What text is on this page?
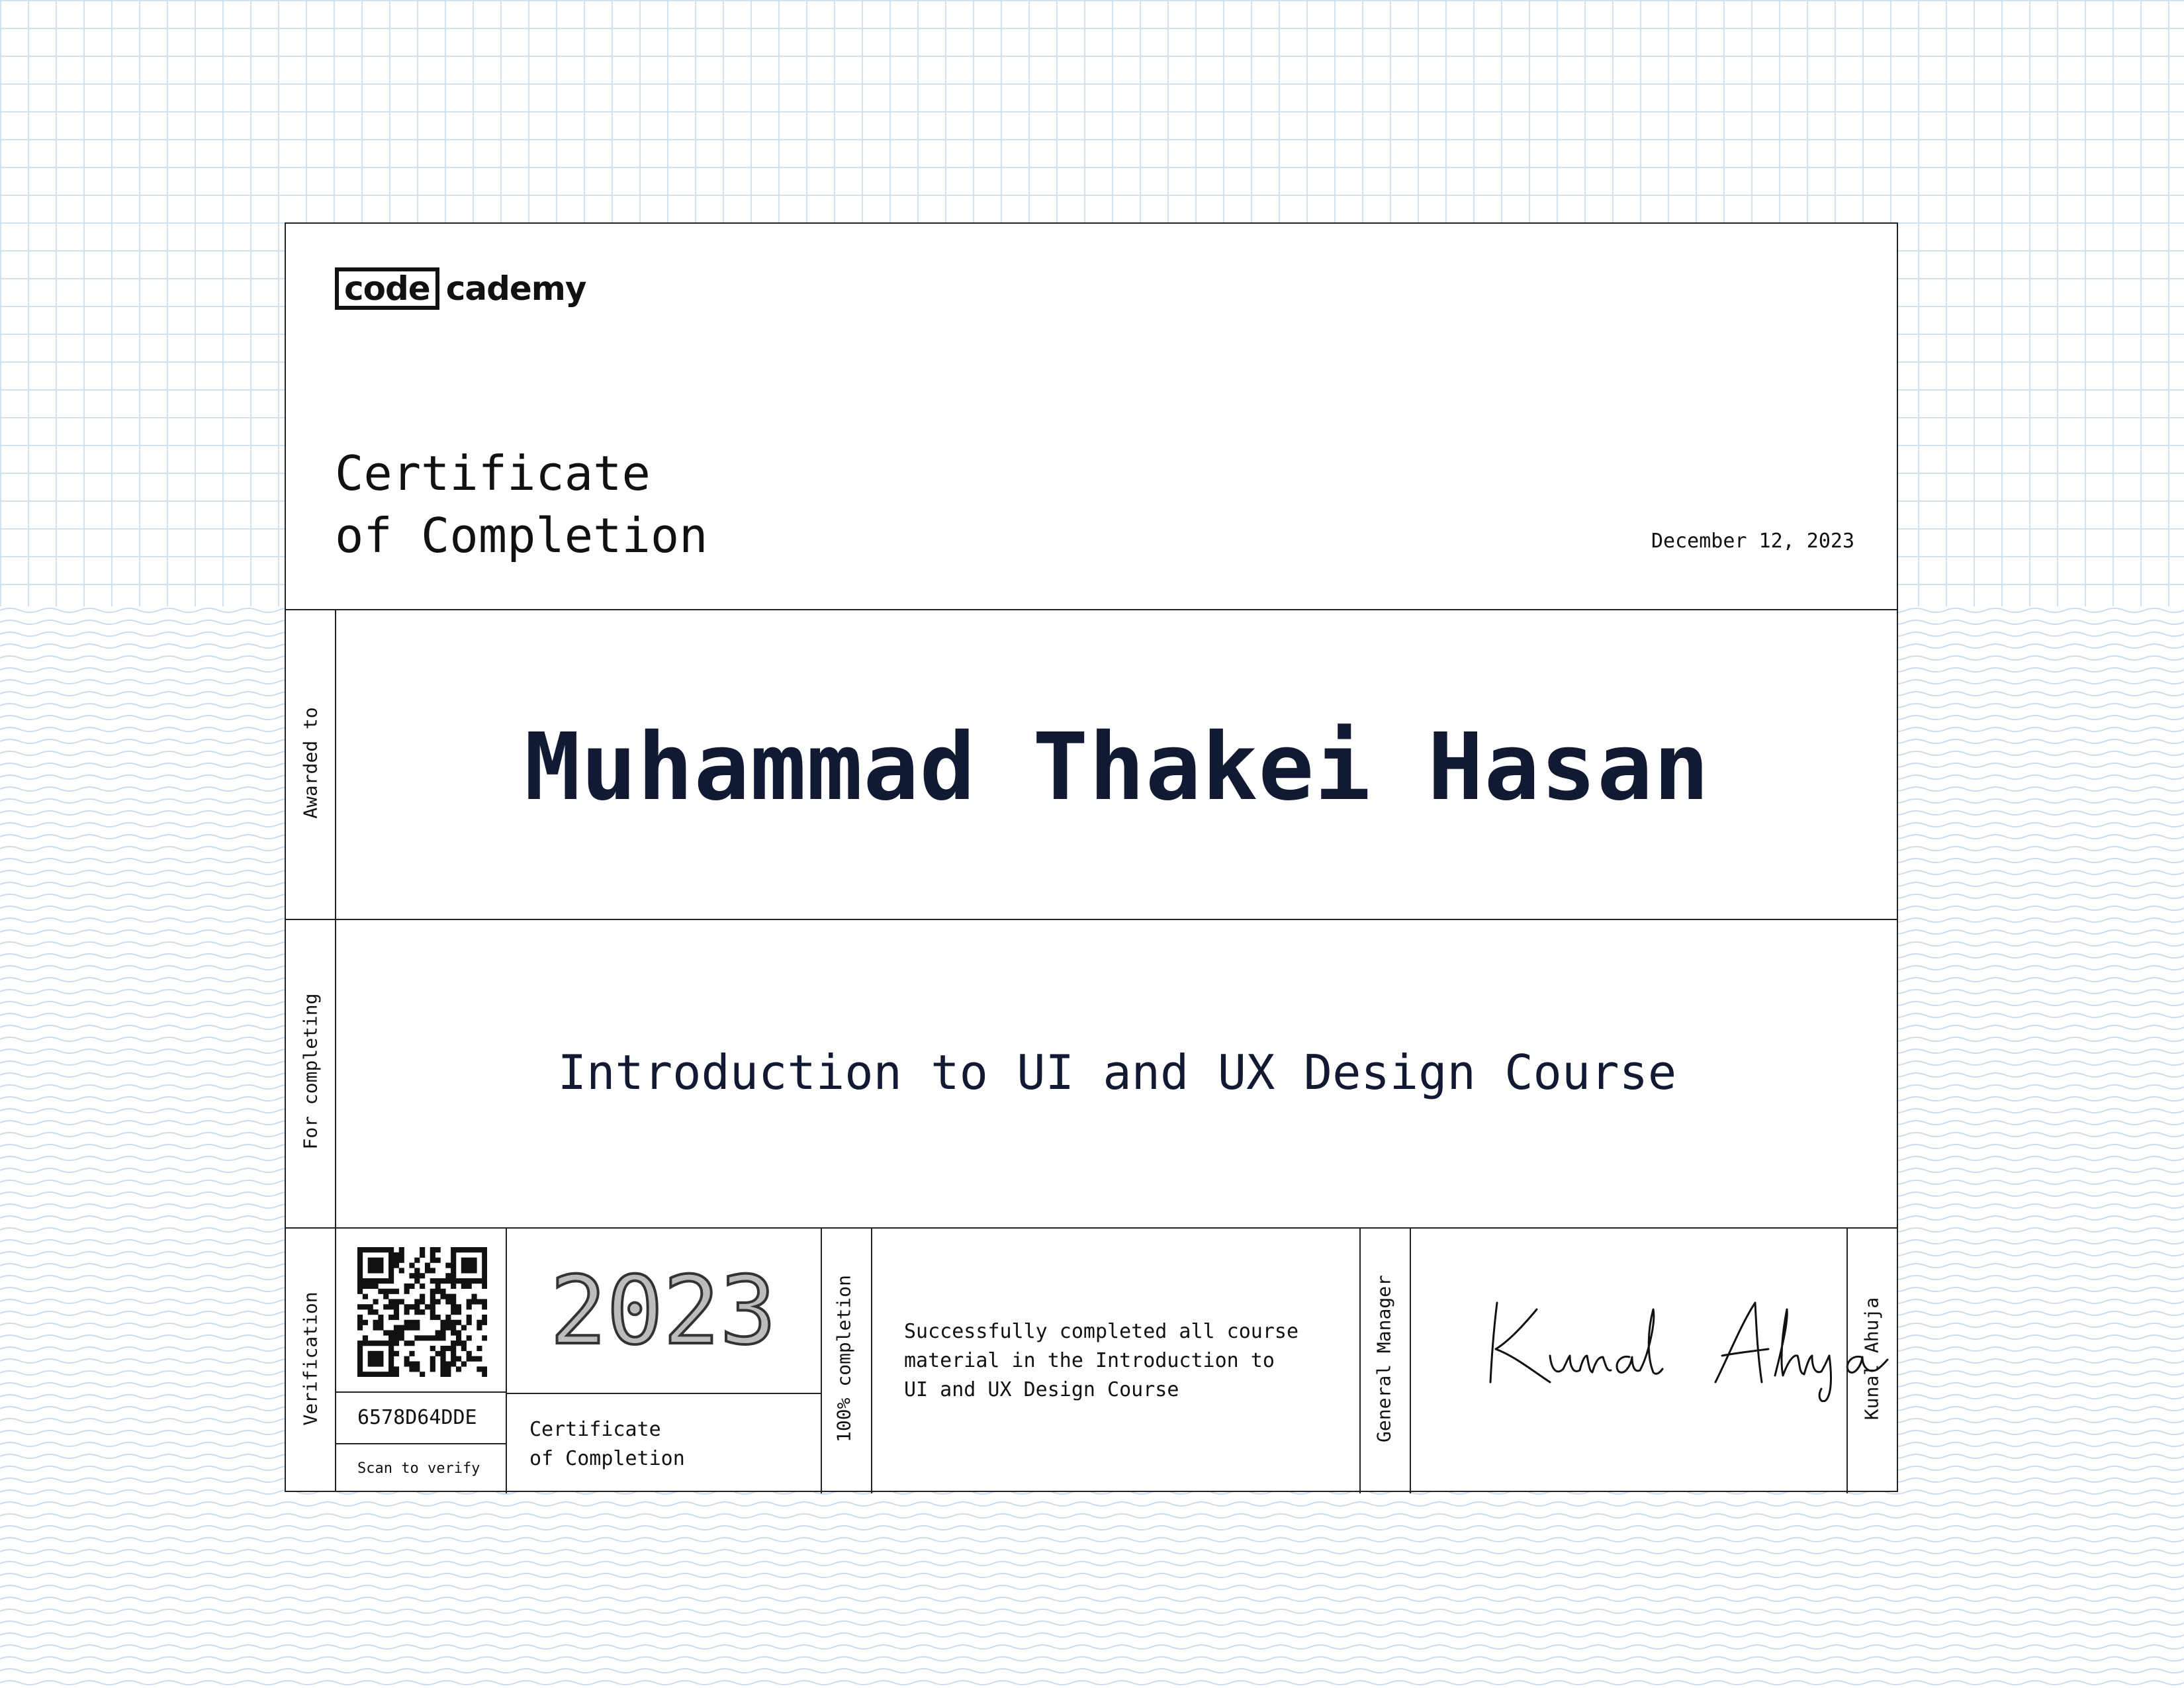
code cademy
Certificate
of Completion	December 12, 2023
Awarded to	Muhammad Thakei Hasan
For completing	Introduction to UI and UX Design Course
Verification 6578D64DDE
Scan to verify
2023
Certificate
of Completion
100% completion Successfully completed all course
material in the Introduction to
UI and UX Design Course	General Manager	Kunal Ahuja
